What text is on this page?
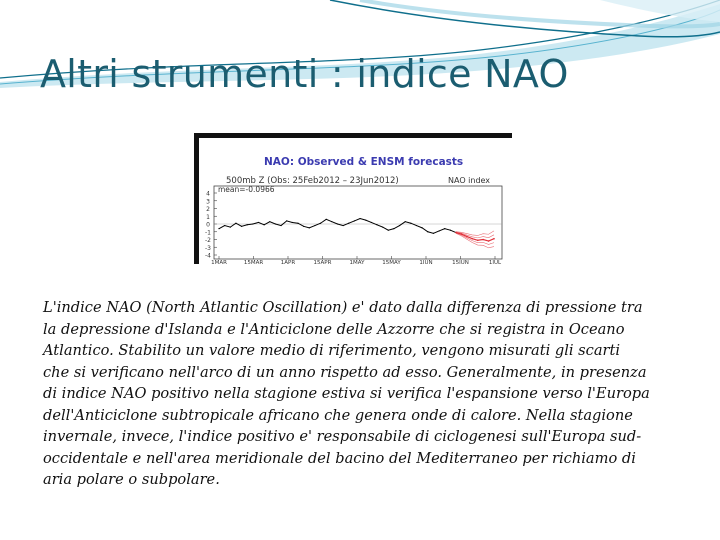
Altri strumenti : indice NAO
NAO: Observed & ENSM forecasts
500mb Z (Obs: 25Feb2012 – 23Jun2012)	NAO index
mean=-0.0966
4
3
2
1
0
-1
-2
-3
-4
1MAR	15MAR	1APR	15APR	1MAY	15MAY	1JUN	15JUN	1JUL
L'indice NAO (North Atlantic Oscillation) e' dato dalla differenza di pressione tra
la depressione d'Islanda e l'Anticiclone delle Azzorre che si registra in Oceano
Atlantico. Stabilito un valore medio di riferimento, vengono misurati gli scarti
che si verificano nell'arco di un anno rispetto ad esso. Generalmente, in presenza
di indice NAO positivo nella stagione estiva si verifica l'espansione verso l'Europa
dell'Anticiclone subtropicale africano che genera onde di calore. Nella stagione
invernale, invece, l'indice positivo e' responsabile di ciclogenesi sull'Europa sud-
occidentale e nell'area meridionale del bacino del Mediterraneo per richiamo di
aria polare o subpolare.
